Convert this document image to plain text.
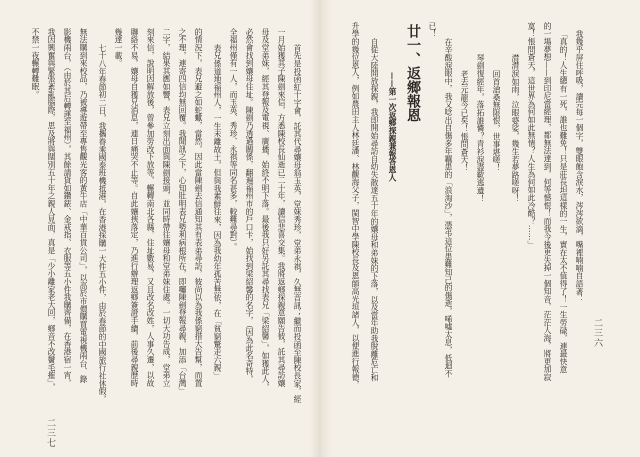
二三六
二三七
我幾乎屏住呼吸，讀完每一個字，雙眼飽含淚水，涔涔欲滴，嘴裡喃喃自語著：
「真的！人生總有一死，誰也難免！只是莊長坦這樣的一生，實在太不值得了！一生勞碌，連最快意
的一場夢想——到印尼當經理，都無法達到，何等憾恨！而我今後更失掉一個知音，茫茫人海，將更加寂
寞！悵問蒼天，這世界為何如此無情？人生為何如此冷酷？……」
潸潸淚如雨，泣眼婆娑，幾生若夢路嗟呀！
回首滄桑無限恨，世事堪嗟！
琴劍復經年，落拓誰憐？青衫淚盡歎逃遺！
老去元龍今已矣！悵問蒼天！
在辛酸淚眼中，我又唸出自傷多年羈患的「浪淘沙」，憑弔這位患難知己的傷逝，唏噓太息，低迴不
已！
廿一、返鄉報恩
——第一次返鄉探親兼報答恩人
自從大陸開放探親，我即開始尋訪自幼失散達五十年的孃母和弟妹的下落，以及當年助我脫離危亡和
升學的幾位恩人，例如農田主人林廷潘、林觀海父子，閩智中學陳校長及恩師高光垣諸人，以便進行報德，
首先是投函紅十字會，託其代尋孃母翁玉英，堂妹秀珍，堂弟永祺，久無音訊；繼而投函至陳校長家，經
一月始獲其子陳劍來信，方悉陳校長仙逝已二十年，讀信悲喜交集。我將返鄉探親意願告彼，託其尋訪孃
母及堂弟妹，經其登報及電視、廣播，始終不明下落。最後我只好另託其尋找表兄「梁紹馨」，如獲此人，
必然會找到孃母住址。陳劍乃透過關係，翻遍福州市的戶口卡，始找到梁紹馨的名字，（因為此名奇特，
全福州僅有一人，而玉英、秀珍、永祺等同名甚多，較難尋對）。
表兄係道地福州人，一生未離故土，但與我素鮮往來，因為我幼年孤苦無依，在「貧窮驚走六親」
的情況下，表兄避之如蛇蠍，當然，因此當陳劍去信通知其有表弟尋訪，彼尚以為我係窮措大告幫，而置
之不理，連寄四信均無回覆。我聞訊之下，心知肚明表兄勢利病根所在，即囑陳劍登報尋親，加添「台灣」
二字，結果其應如響，表兄立刻出面與陳劍接頭，並同時帶往孃母和堂弟妹住處。一切大功告成，堂弟立
刻來信，說明因解放後，曾參加勞改下放等，輾轉南北各縣，住址數易，又且改名改姓，人事久遷，以故
聯絡不易，孃母自獲兄消息，連日痛哭不止等。自此孃挾落定，乃進行辦理返鄉簽證手續，前後尋親歷時
幾達一載。
七十八年春節初二日，我攜眷乘國泰班機抵港，在香港採購一大件五小件，由於春節的中國旅行社休假，
無法購到來校品，乃被導遊帶至專售觀光客的黃牛店「中華百貨公司」，以高於市價購買電視機兩台、錄
影機兩台，（由於其后轉運至福州），其餘請貨如鑽錶、金戒指、衣服等五小件我購齊備，在香港宿一宵，
我因興奮與緊張紊亂腦際，思及將與闊別五十年之親人見面，真是「少小離家老大回，鄉音不改鬢毛摧」，
不禁一夜輾轉難眠。
